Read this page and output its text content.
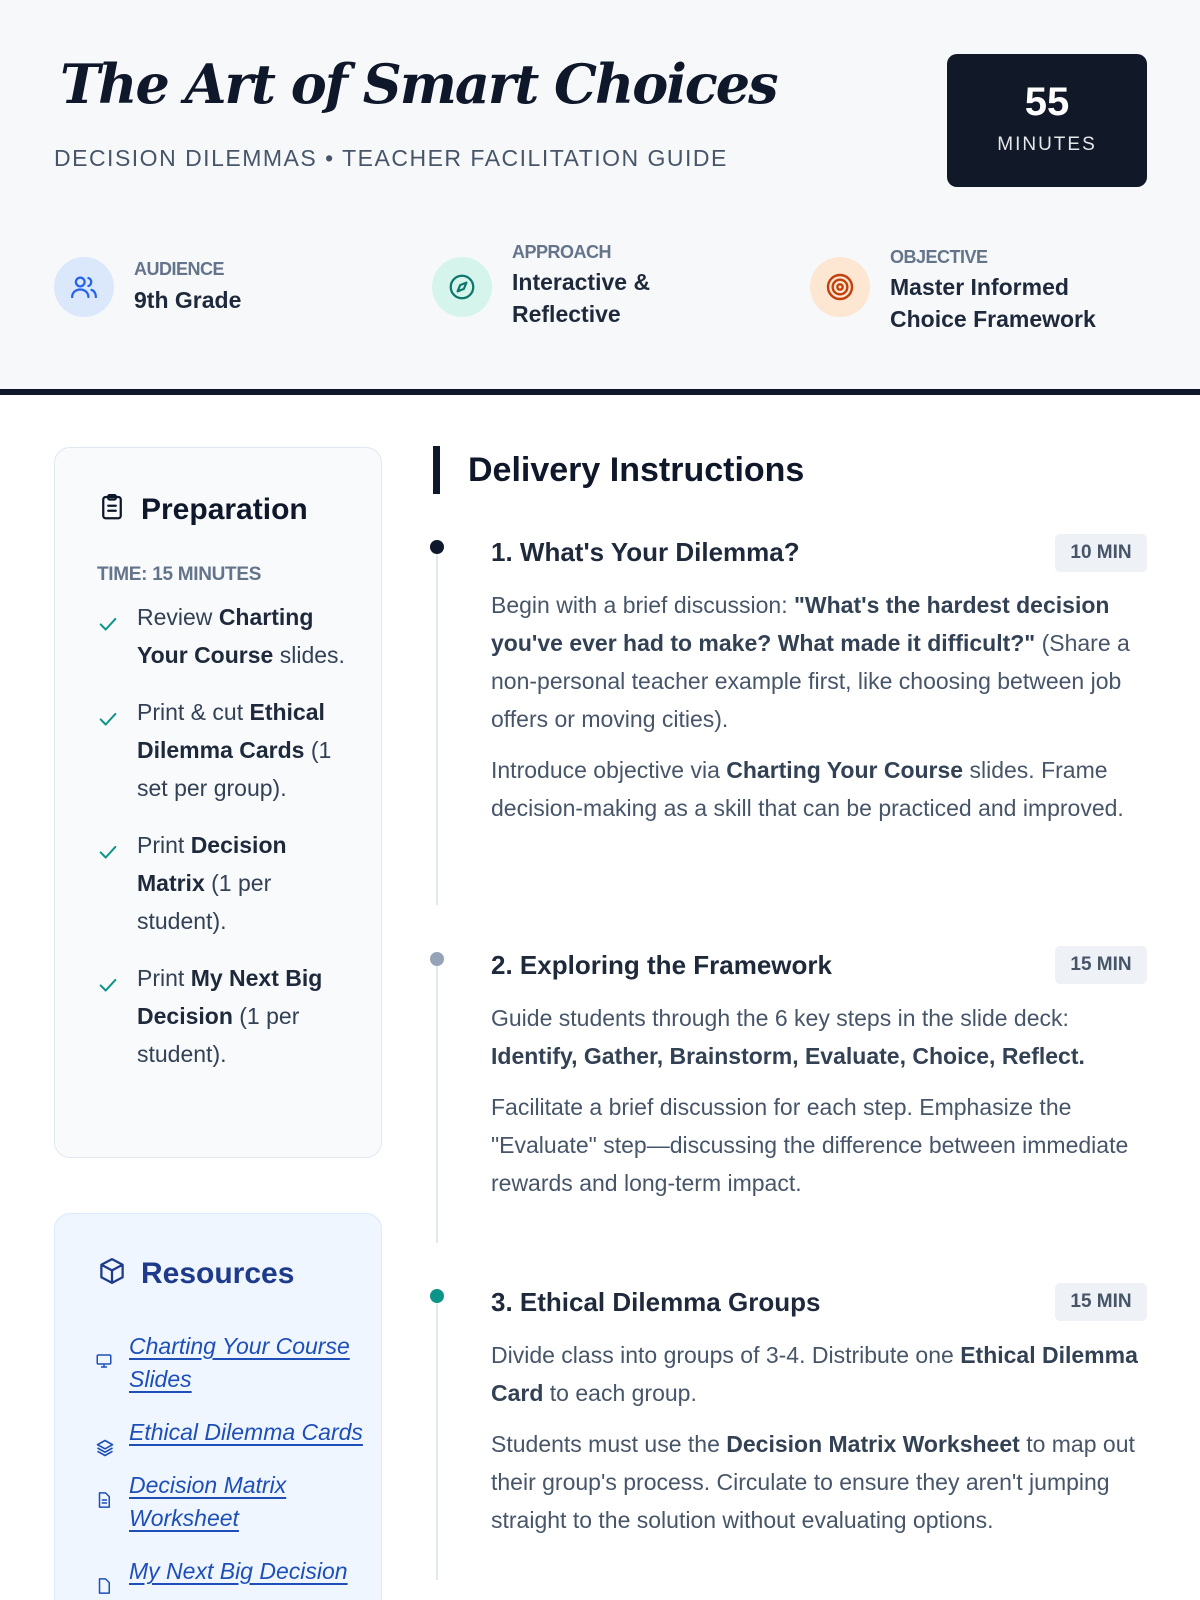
The Art of Smart Choices
DECISION DILEMMAS • TEACHER FACILITATION GUIDE
55
MINUTES
AUDIENCE
9th Grade
APPROACH
Interactive &
Reflective
OBJECTIVE
Master Informed
Choice Framework
Preparation
TIME: 15 MINUTES
Review Charting Your Course slides.
Print & cut Ethical Dilemma Cards (1 set per group).
Print Decision Matrix (1 per student).
Print My Next Big Decision (1 per student).
Resources
Charting Your Course Slides
Ethical Dilemma Cards
Decision Matrix Worksheet
My Next Big Decision
Delivery Instructions
1. What's Your Dilemma?	10 MIN

Begin with a brief discussion: "What's the hardest decision you've ever had to make? What made it difficult?" (Share a non-personal teacher example first, like choosing between job offers or moving cities).

Introduce objective via Charting Your Course slides. Frame decision-making as a skill that can be practiced and improved.

2. Exploring the Framework	15 MIN

Guide students through the 6 key steps in the slide deck: Identify, Gather, Brainstorm, Evaluate, Choice, Reflect.

Facilitate a brief discussion for each step. Emphasize the "Evaluate" step—discussing the difference between immediate rewards and long-term impact.

3. Ethical Dilemma Groups	15 MIN

Divide class into groups of 3-4. Distribute one Ethical Dilemma Card to each group.

Students must use the Decision Matrix Worksheet to map out their group's process. Circulate to ensure they aren't jumping straight to the solution without evaluating options.
